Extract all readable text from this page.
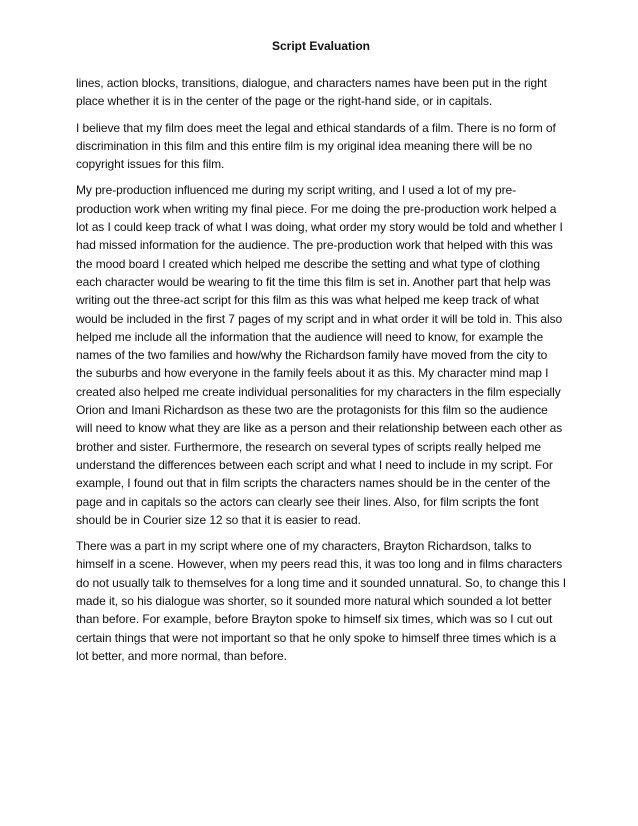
Script Evaluation

lines, action blocks, transitions, dialogue, and characters names have been put in the right place whether it is in the center of the page or the right-hand side, or in capitals.

I believe that my film does meet the legal and ethical standards of a film. There is no form of discrimination in this film and this entire film is my original idea meaning there will be no copyright issues for this film.

My pre-production influenced me during my script writing, and I used a lot of my pre-production work when writing my final piece. For me doing the pre-production work helped a lot as I could keep track of what I was doing, what order my story would be told and whether I had missed information for the audience. The pre-production work that helped with this was the mood board I created which helped me describe the setting and what type of clothing each character would be wearing to fit the time this film is set in. Another part that help was writing out the three-act script for this film as this was what helped me keep track of what would be included in the first 7 pages of my script and in what order it will be told in. This also helped me include all the information that the audience will need to know, for example the names of the two families and how/why the Richardson family have moved from the city to the suburbs and how everyone in the family feels about it as this. My character mind map I created also helped me create individual personalities for my characters in the film especially Orion and Imani Richardson as these two are the protagonists for this film so the audience will need to know what they are like as a person and their relationship between each other as brother and sister. Furthermore, the research on several types of scripts really helped me understand the differences between each script and what I need to include in my script. For example, I found out that in film scripts the characters names should be in the center of the page and in capitals so the actors can clearly see their lines. Also, for film scripts the font should be in Courier size 12 so that it is easier to read.

There was a part in my script where one of my characters, Brayton Richardson, talks to himself in a scene. However, when my peers read this, it was too long and in films characters do not usually talk to themselves for a long time and it sounded unnatural. So, to change this I made it, so his dialogue was shorter, so it sounded more natural which sounded a lot better than before. For example, before Brayton spoke to himself six times, which was so I cut out certain things that were not important so that he only spoke to himself three times which is a lot better, and more normal, than before.
